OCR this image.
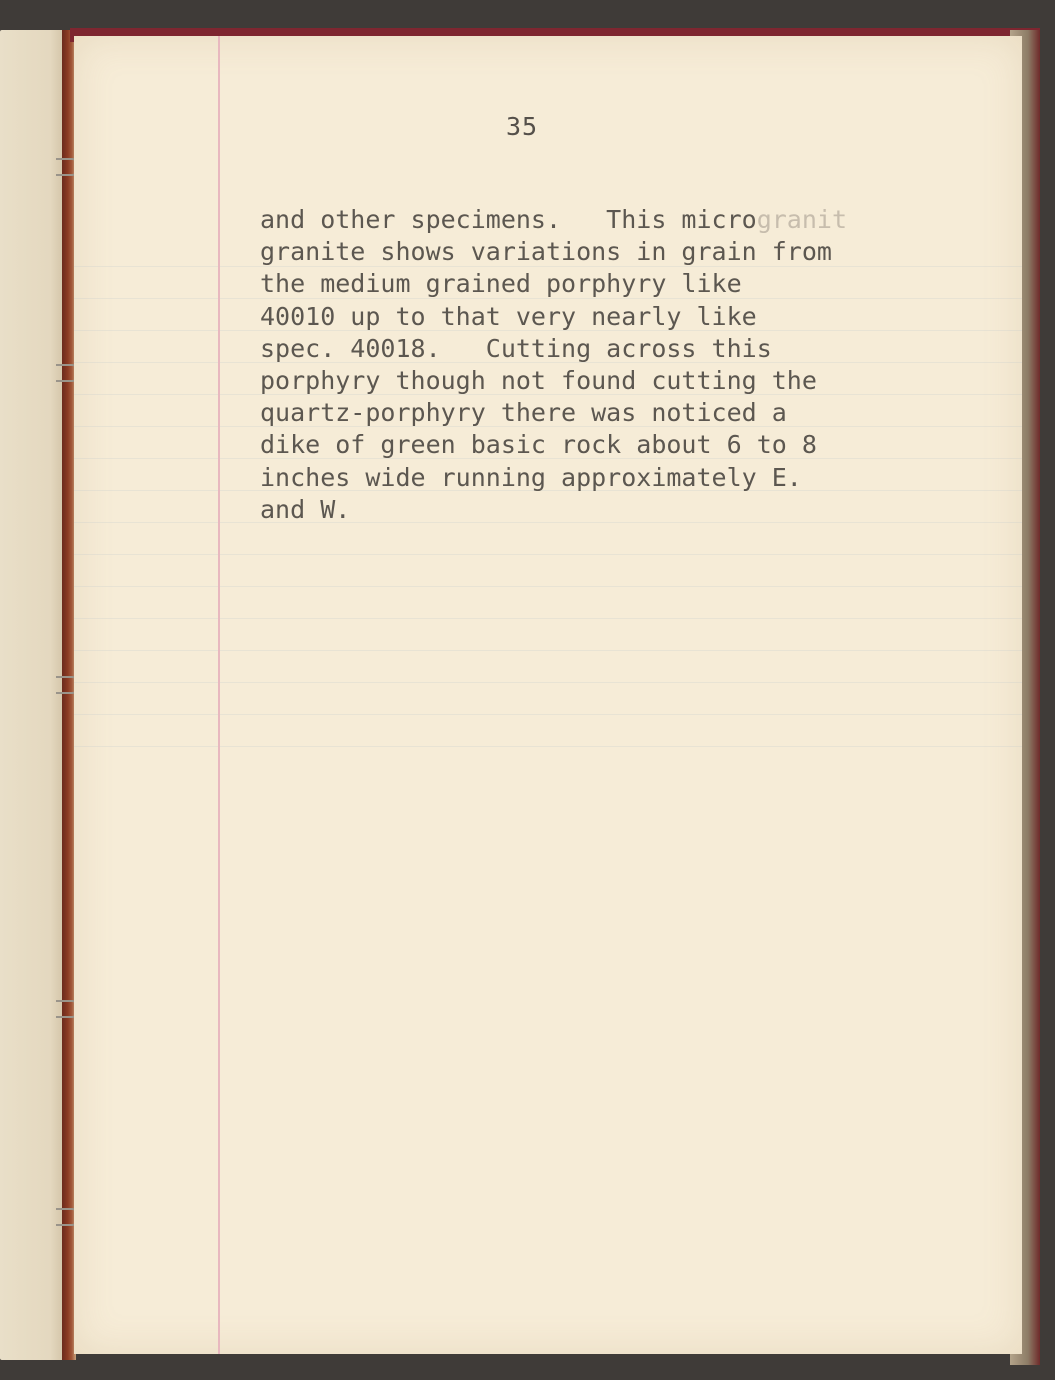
35
and other specimens.   This microgranit
granite shows variations in grain from
the medium grained porphyry like
40010 up to that very nearly like
spec. 40018.   Cutting across this
porphyry though not found cutting the
quartz-porphyry there was noticed a
dike of green basic rock about 6 to 8
inches wide running approximately E.
and W.
